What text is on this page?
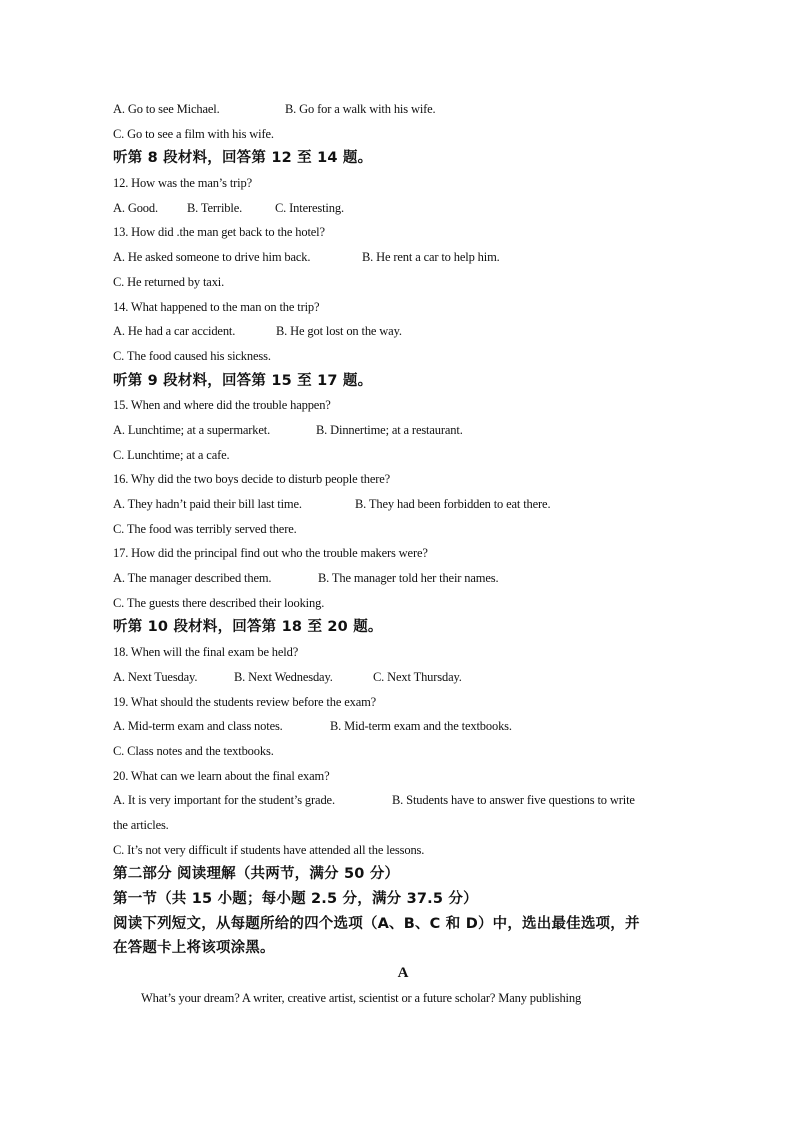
A. Go to see Michael.	B. Go for a walk with his wife.
C. Go to see a film with his wife.
听第 8 段材料，回答第 12 至 14 题。
12. How was the man’s trip?
A. Good. B. Terrible.	C. Interesting.
13. How did .the man get back to the hotel?
A. He asked someone to drive him back.	B. He rent a car to help him.
C. He returned by taxi.
14. What happened to the man on the trip?
A. He had a car accident.	B. He got lost on the way.
C. The food caused his sickness.
听第 9 段材料，回答第 15 至 17 题。
15. When and where did the trouble happen?
A. Lunchtime; at a supermarket.	B. Dinnertime; at a restaurant.
C. Lunchtime; at a cafe.
16. Why did the two boys decide to disturb people there?
A. They hadn’t paid their bill last time.	B. They had been forbidden to eat there.
C. The food was terribly served there.
17. How did the principal find out who the trouble makers were?
A. The manager described them.	B. The manager told her their names.
C. The guests there described their looking.
听第 10 段材料，回答第 18 至 20 题。
18. When will the final exam be held?
A. Next Tuesday.	B. Next Wednesday.	C. Next Thursday.
19. What should the students review before the exam?
A. Mid-term exam and class notes.	B. Mid-term exam and the textbooks.
C. Class notes and the textbooks.
20. What can we learn about the final exam?
A. It is very important for the student’s grade.	B. Students have to answer five questions to write
the articles.
C. It’s not very difficult if students have attended all the lessons.
第二部分 阅读理解（共两节，满分 50 分）
第一节（共 15 小题；每小题 2.5 分，满分 37.5 分）
阅读下列短文，从每题所给的四个选项（A、B、C 和 D）中，选出最佳选项，并
在答题卡上将该项涂黑。
A
What’s your dream? A writer, creative artist, scientist or a future scholar? Many publishing
